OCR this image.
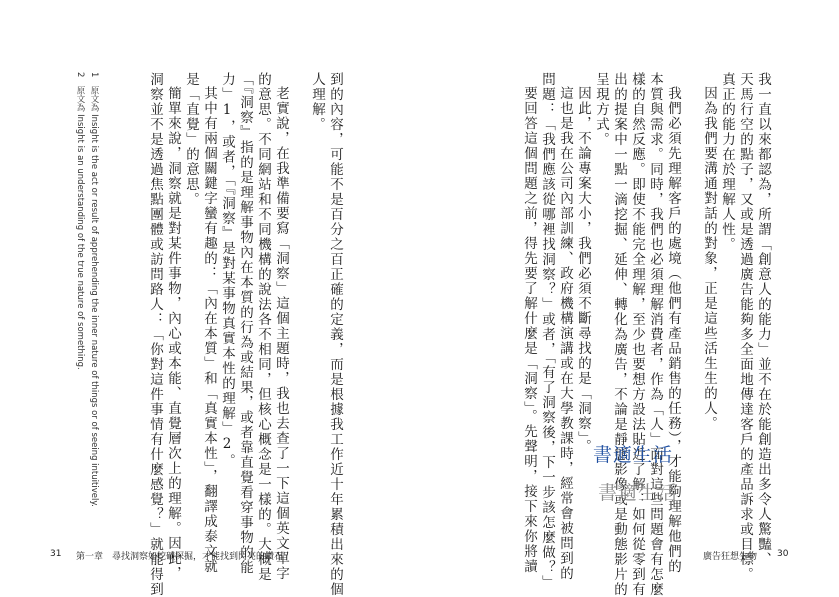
我一直以來都認為，所謂「創意人的能力」並不在於能創造出多令人驚豔、
天馬行空的點子，又或是透過廣告能夠多全面地傳達客戶的產品訴求或目標。
真正的能力在於理解人性。
因為我們要溝通對話的對象，正是這些活生生的人。
我們必須先理解客戶的處境（他們有產品銷售的任務），才能夠理解他們的
本質與需求。同時，我們也必須理解消費者，作為「人」面對這些問題會有怎麼
樣的自然反應。即使不能完全理解，至少也要想方設法貼近了解：如何從零到有
出的提案中一點一滴挖掘、延伸、轉化為廣告，不論是靜態影像或是動態影片的
呈現方式。
因此，不論專案大小，我們必須不斷尋找的是「洞察」。
這也是我在公司內部訓練、政府機構演講或在大學教課時，經常會被問到的
問題：「我們應該從哪裡找洞察？」或者，「有了洞察後，下一步該怎麼做？」
要回答這個問題之前，得先要了解什麼是「洞察」。先聲明，接下來你將讀	廣告狂想生物 30
到的內容，可能不是百分之百正確的定義，而是根據我工作近十年累積出來的個
人理解。
老實說，在我準備要寫「洞察」這個主題時，我也去查了一下這個英文單字
的意思。不同網站和不同機構的說法各不相同，但核心概念是一樣的。大概是
「『洞察』指的是理解事物內在本質的行為或結果，或者靠直覺看穿事物的能
力」1，或者，「『洞察』是對某事物真實本性的理解」2。
其中有兩個關鍵字蠻有趣的：「內在本質」和「真實本性」，翻譯成泰文就
是「直覺」的意思。
簡單來說，洞察就是對某件事物，內心或本能、直覺層次上的理解。因此，
洞察並不是透過焦點團體或訪問路人：「你對這件事情有什麼感覺？」就能得到
1　原文為 Insight is the act or result of apprehending the inner nature of things or of seeing intuitively.
2　原文為 Insight is an understanding of the true nature of something.
31 第一章　尋找洞察如挖礦深掘，才能找到閃亮的鑽石
書適生活
書適生活
